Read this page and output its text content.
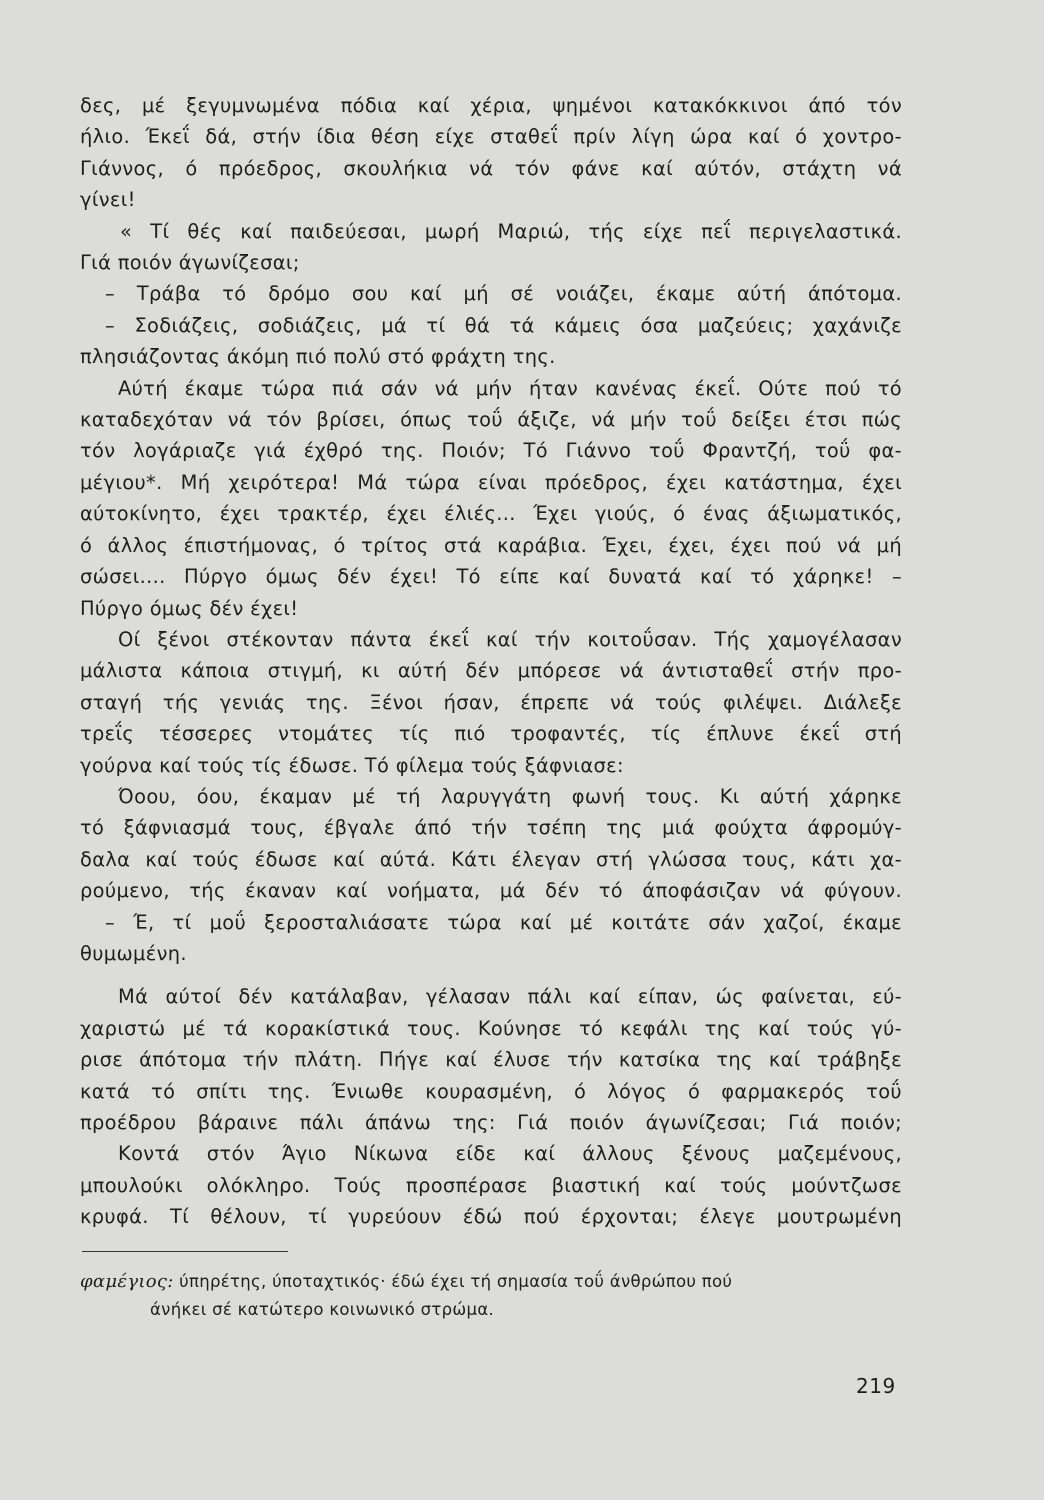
δες, μέ ξεγυμνωμένα πόδια καί χέρια, ψημένοι κατακόκκινοι άπό τόν
ήλιο. Έκεΐ δά, στήν ίδια θέση είχε σταθεΐ πρίν λίγη ώρα καί ό χοντρο-
Γιάννος, ό πρόεδρος, σκουλήκια νά τόν φάνε καί αύτόν, στάχτη νά
γίνει!
« Τί θές καί παιδεύεσαι, μωρή Μαριώ, τής είχε πεΐ περιγελαστικά.
Γιά ποιόν άγωνίζεσαι;
– Τράβα τό δρόμο σου καί μή σέ νοιάζει, έκαμε αύτή άπότομα.
– Σοδιάζεις, σοδιάζεις, μά τί θά τά κάμεις όσα μαζεύεις; χαχάνιζε
πλησιάζοντας άκόμη πιό πολύ στό φράχτη της.
Αύτή έκαμε τώρα πιά σάν νά μήν ήταν κανένας έκεΐ. Ούτε πού τό
καταδεχόταν νά τόν βρίσει, όπως τοΰ άξιζε, νά μήν τοΰ δείξει έτσι πώς
τόν λογάριαζε γιά έχθρό της. Ποιόν; Τό Γιάννο τοΰ Φραντζή, τοΰ φα-
μέγιου*. Μή χειρότερα! Μά τώρα είναι πρόεδρος, έχει κατάστημα, έχει
αύτοκίνητο, έχει τρακτέρ, έχει έλιές... Έχει γιούς, ό ένας άξιωματικός,
ό άλλος έπιστήμονας, ό τρίτος στά καράβια. Έχει, έχει, έχει πού νά μή
σώσει.... Πύργο όμως δέν έχει! Τό είπε καί δυνατά καί τό χάρηκε! –
Πύργο όμως δέν έχει!
Οί ξένοι στέκονταν πάντα έκεΐ καί τήν κοιτοΰσαν. Τής χαμογέλασαν
μάλιστα κάποια στιγμή, κι αύτή δέν μπόρεσε νά άντισταθεΐ στήν προ-
σταγή τής γενιάς της. Ξένοι ήσαν, έπρεπε νά τούς φιλέψει. Διάλεξε
τρεΐς τέσσερες ντομάτες τίς πιό τροφαντές, τίς έπλυνε έκεΐ στή
γούρνα καί τούς τίς έδωσε. Τό φίλεμα τούς ξάφνιασε:
Όοου, όου, έκαμαν μέ τή λαρυγγάτη φωνή τους. Κι αύτή χάρηκε
τό ξάφνιασμά τους, έβγαλε άπό τήν τσέπη της μιά φούχτα άφρομύγ-
δαλα καί τούς έδωσε καί αύτά. Κάτι έλεγαν στή γλώσσα τους, κάτι χα-
ρούμενο, τής έκαναν καί νοήματα, μά δέν τό άποφάσιζαν νά φύγουν.
– Έ, τί μοΰ ξεροσταλιάσατε τώρα καί μέ κοιτάτε σάν χαζοί, έκαμε
θυμωμένη.
Μά αύτοί δέν κατάλαβαν, γέλασαν πάλι καί είπαν, ώς φαίνεται, εύ-
χαριστώ μέ τά κορακίστικά τους. Κούνησε τό κεφάλι της καί τούς γύ-
ρισε άπότομα τήν πλάτη. Πήγε καί έλυσε τήν κατσίκα της καί τράβηξε
κατά τό σπίτι της. Ένιωθε κουρασμένη, ό λόγος ό φαρμακερός τοΰ
προέδρου βάραινε πάλι άπάνω της: Γιά ποιόν άγωνίζεσαι; Γιά ποιόν;
Κοντά στόν Άγιο Νίκωνα είδε καί άλλους ξένους μαζεμένους,
μπουλούκι ολόκληρο. Τούς προσπέρασε βιαστική καί τούς μούντζωσε
κρυφά. Τί θέλουν, τί γυρεύουν έδώ πού έρχονται; έλεγε μουτρωμένη
φαμέγιος: ύπηρέτης, ύποταχτικός· έδώ έχει τή σημασία τοΰ άνθρώπου πού
άνήκει σέ κατώτερο κοινωνικό στρώμα.
219
